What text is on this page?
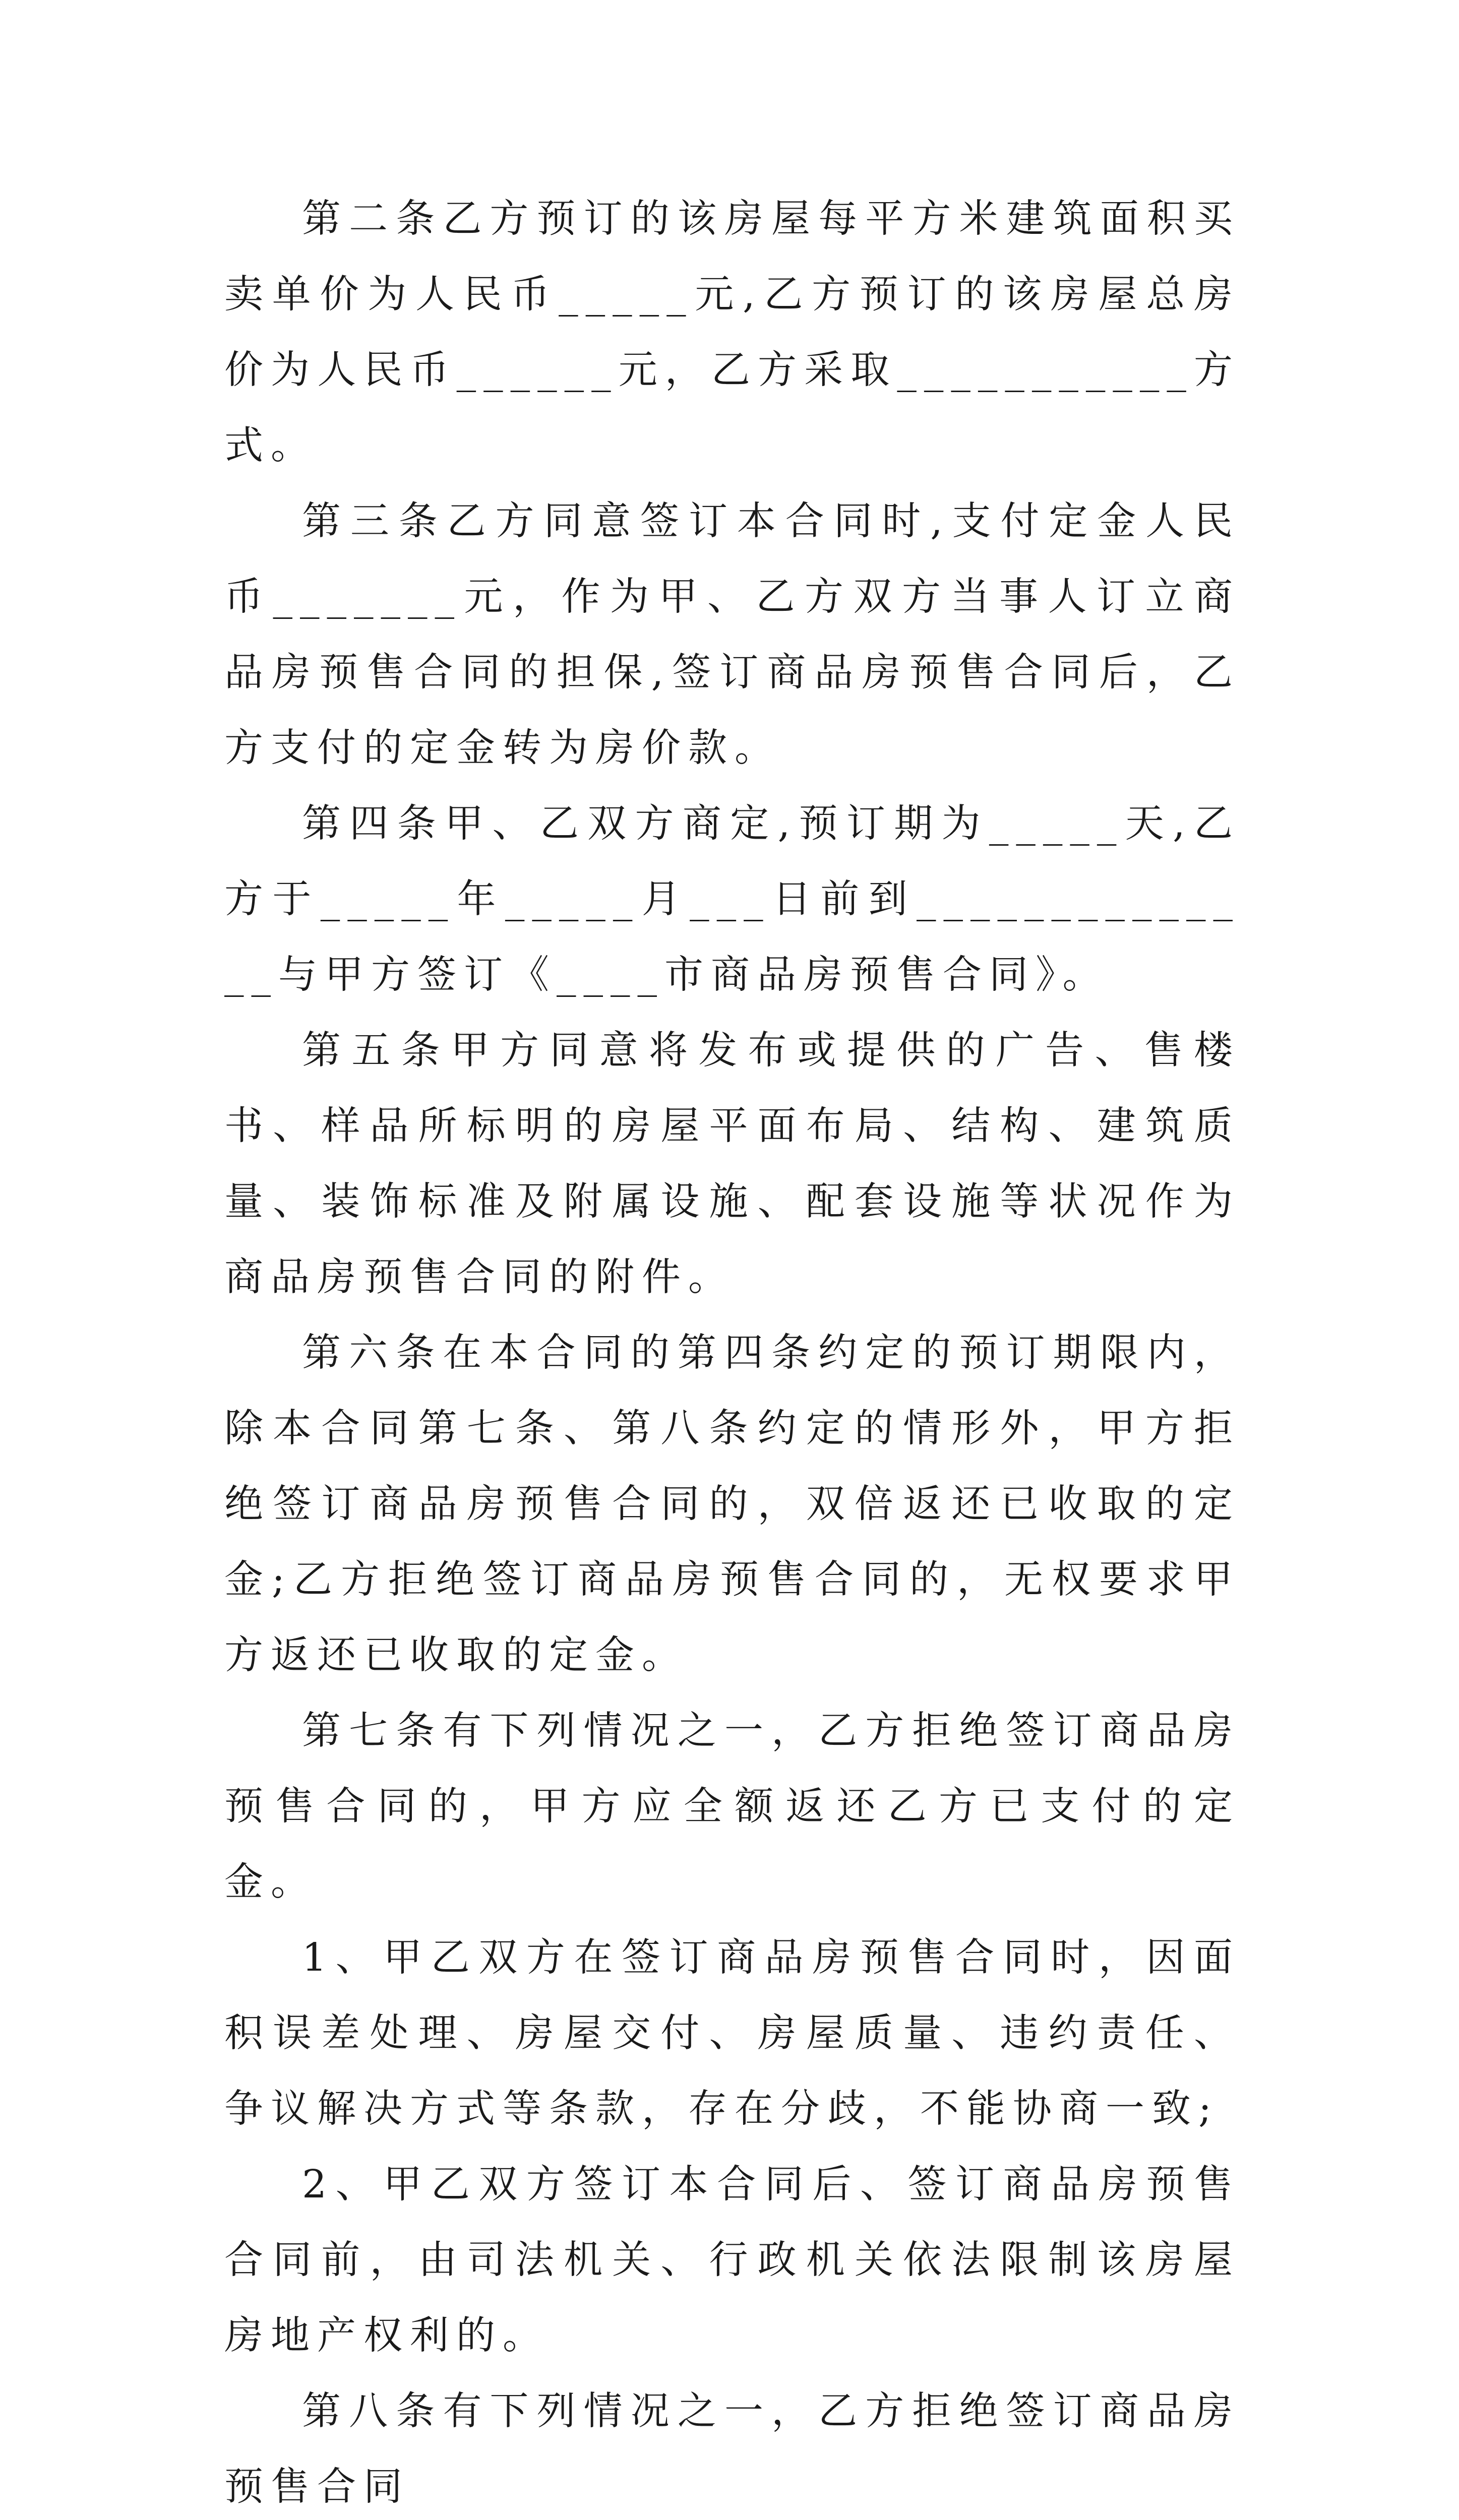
第二条乙方预订的该房屋每平方米建筑面积买卖单价为人民币_____元,乙方预订的该房屋总房价为人民币______元，乙方采取___________方式。

第三条乙方同意签订本合同时,支付定金人民币_______元，作为甲、乙方双方当事人订立商品房预售合同的担保,签订商品房预售合同后，乙方支付的定金转为房价款。

第四条甲、乙双方商定,预订期为_____天,乙方于_____年_____月___日前到______________与甲方签订《____市商品房预售合同》。

第五条甲方同意将发布或提供的广告、售楼书、样品所标明的房屋平面布局、结构、建筑质量、装饰标准及附属设施、配套设施等状况作为商品房预售合同的附件。

第六条在本合同的第四条约定的预订期限内，除本合同第七条、第八条约定的情形外，甲方拒绝签订商品房预售合同的，双倍返还已收取的定金;乙方拒绝签订商品房预售合同的，无权要求甲方返还已收取的定金。

第七条有下列情况之一，乙方拒绝签订商品房预售合同的，甲方应全额返还乙方已支付的定金。

1、甲乙双方在签订商品房预售合同时，因面积误差处理、房屋交付、房屋质量、违约责任、争议解决方式等条款，存在分歧，不能协商一致;

2、甲乙双方签订本合同后、签订商品房预售合同前，由司法机关、行政机关依法限制该房屋房地产权利的。

第八条有下列情况之一，乙方拒绝签订商品房预售合同
